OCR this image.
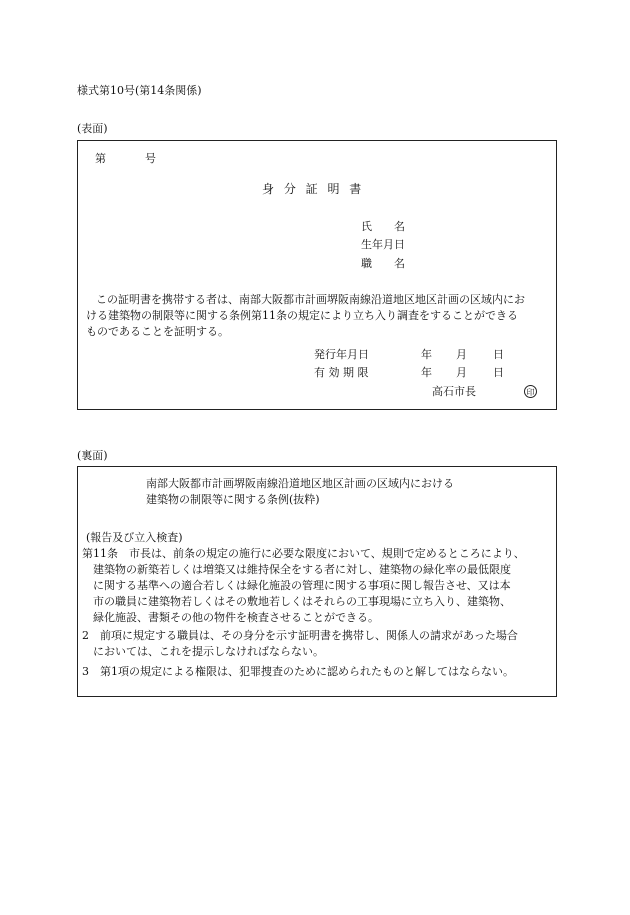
様式第10号(第14条関係)
(表面)
第	号
身 分 証 明 書
氏　　名
生年月日
職　　名
この証明書を携帯する者は、南部大阪都市計画堺阪南線沿道地区地区計画の区域内にお
ける建築物の制限等に関する条例第11条の規定により立ち入り調査をすることができる
ものであることを証明する。
発行年月日	年 月 日
有 効 期 限	年 月 日
高石市長	印
(裏面)
南部大阪都市計画堺阪南線沿道地区地区計画の区域内における
建築物の制限等に関する条例(抜粋)
(報告及び立入検査)
第11条　市長は、前条の規定の施行に必要な限度において、規則で定めるところにより、
建築物の新築若しくは増築又は維持保全をする者に対し、建築物の緑化率の最低限度
に関する基準への適合若しくは緑化施設の管理に関する事項に関し報告させ、又は本
市の職員に建築物若しくはその敷地若しくはそれらの工事現場に立ち入り、建築物、
緑化施設、書類その他の物件を検査させることができる。
2　前項に規定する職員は、その身分を示す証明書を携帯し、関係人の請求があった場合
においては、これを提示しなければならない。
3　第1項の規定による権限は、犯罪捜査のために認められたものと解してはならない。
